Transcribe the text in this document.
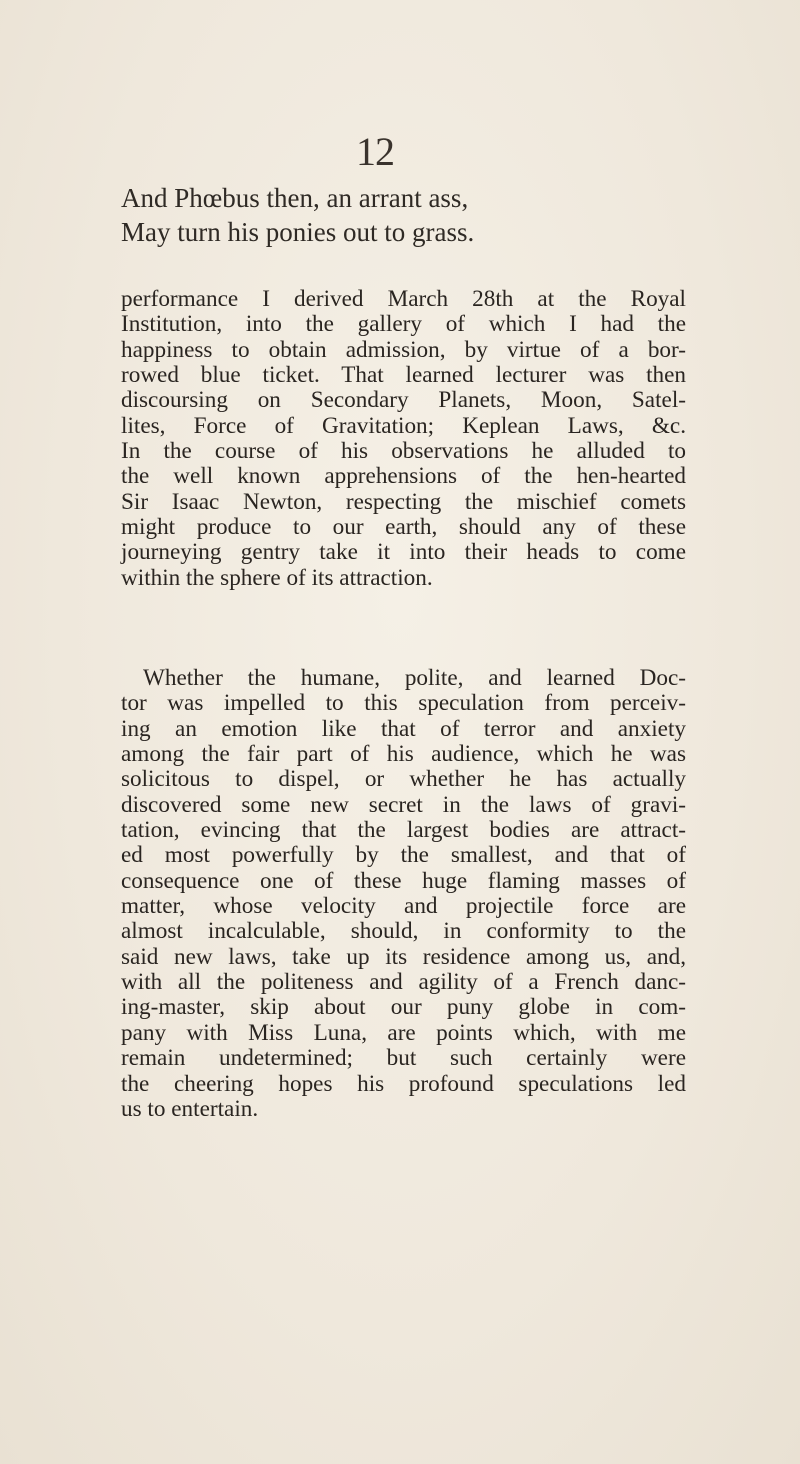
12
And Phœbus then, an arrant ass,
May turn his ponies out to grass.
performance I derived March 28th at the Royal
Institution, into the gallery of which I had the
happiness to obtain admission, by virtue of a bor-
rowed blue ticket. That learned lecturer was then
discoursing on Secondary Planets, Moon, Satel-
lites, Force of Gravitation; Keplean Laws, &c.
In the course of his observations he alluded to
the well known apprehensions of the hen-hearted
Sir Isaac Newton, respecting the mischief comets
might produce to our earth, should any of these
journeying gentry take it into their heads to come
within the sphere of its attraction.
Whether the humane, polite, and learned Doc-
tor was impelled to this speculation from perceiv-
ing an emotion like that of terror and anxiety
among the fair part of his audience, which he was
solicitous to dispel, or whether he has actually
discovered some new secret in the laws of gravi-
tation, evincing that the largest bodies are attract-
ed most powerfully by the smallest, and that of
consequence one of these huge flaming masses of
matter, whose velocity and projectile force are
almost incalculable, should, in conformity to the
said new laws, take up its residence among us, and,
with all the politeness and agility of a French danc-
ing-master, skip about our puny globe in com-
pany with Miss Luna, are points which, with me
remain undetermined; but such certainly were
the cheering hopes his profound speculations led
us to entertain.
